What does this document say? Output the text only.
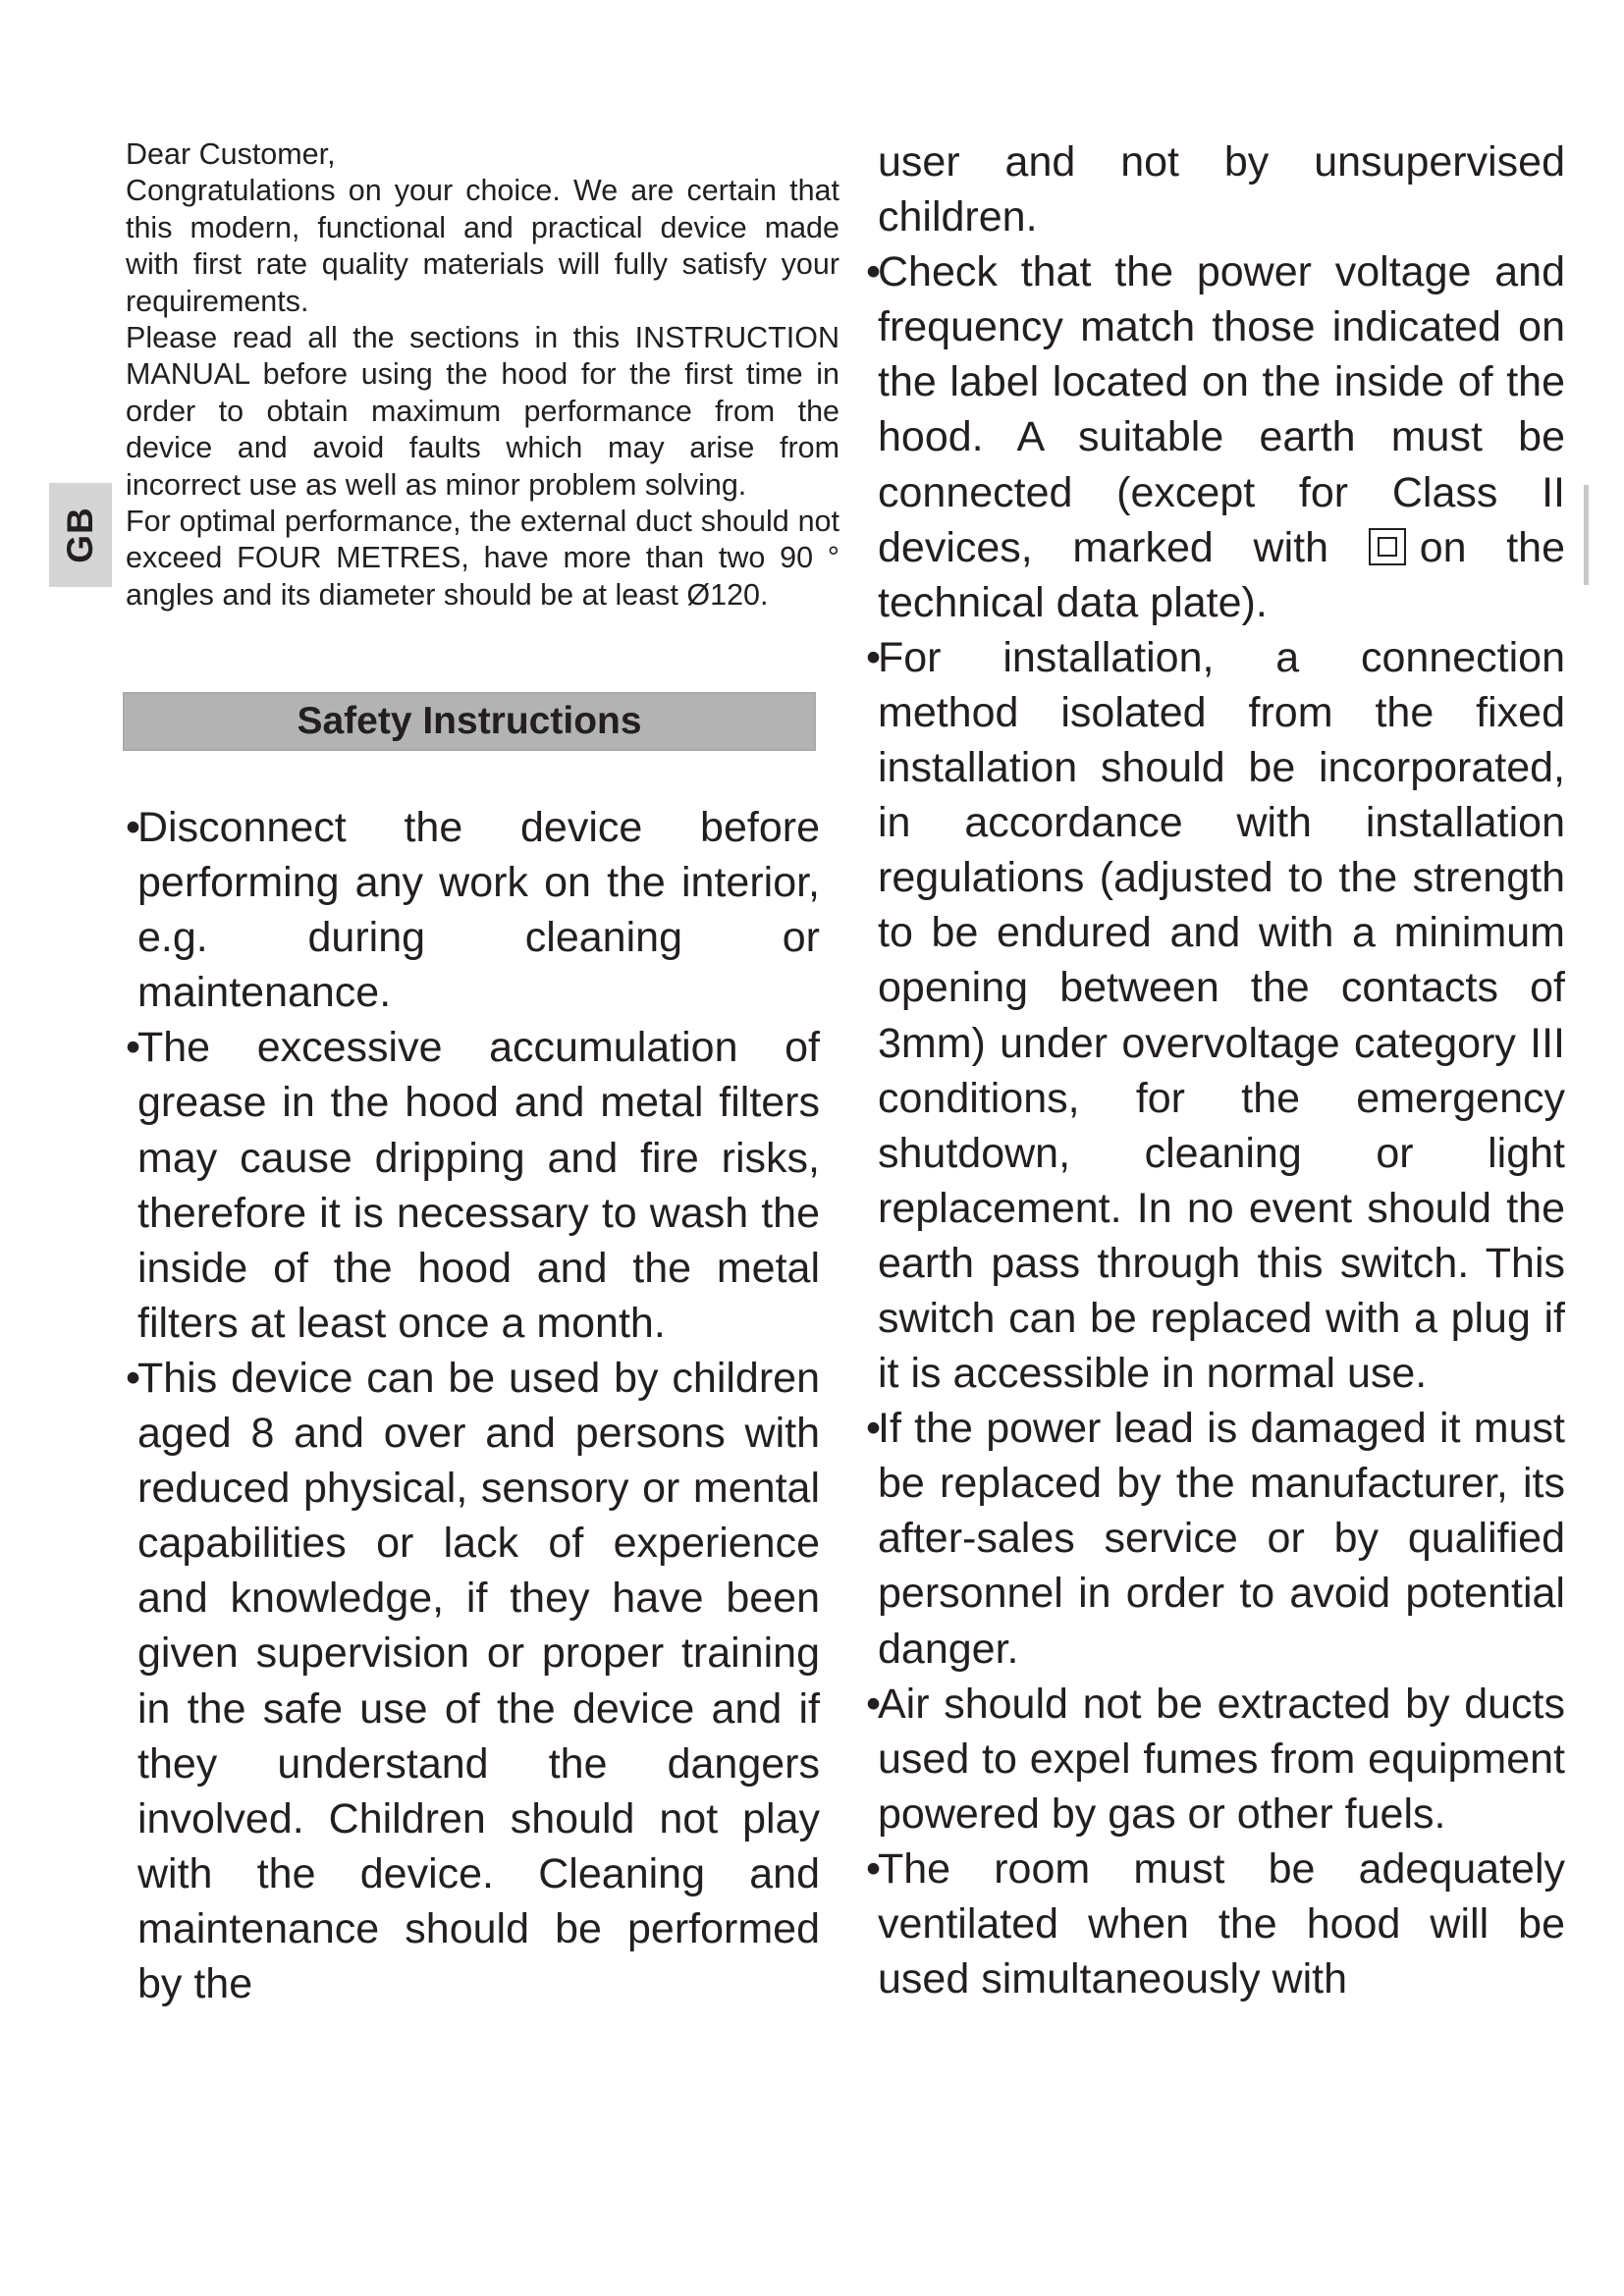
GB

Dear Customer,

Congratulations on your choice. We are certain that this modern, functional and practical device made with first rate quality materials will fully satisfy your requirements.

Please read all the sections in this INSTRUCTION MANUAL before using the hood for the first time in order to obtain maximum performance from the device and avoid faults which may arise from incorrect use as well as minor problem solving.

For optimal performance, the external duct should not exceed FOUR METRES, have more than two 90 ° angles and its diameter should be at least Ø120.

Safety Instructions
•
Disconnect the device before performing any work on the interior, e.g. during cleaning or maintenance.
•
The excessive accumulation of grease in the hood and metal filters may cause dripping and fire risks, therefore it is necessary to wash the inside of the hood and the metal filters at least once a month.
•
This device can be used by children aged 8 and over and persons with reduced physical, sensory or mental capabilities or lack of experience and knowledge, if they have been given supervision or proper training in the safe use of the device and if they understand the dangers involved. Children should not play with the device. Cleaning and maintenance should be performed by the
user and not by unsupervised children.
•
Check that the power voltage and frequency match those indicated on the label located on the inside of the hood. A suitable earth must be connected (except for Class II devices, marked with on the technical data plate).
•
For installation, a connection method isolated from the fixed installation should be incorporated, in accordance with installation regulations (adjusted to the strength to be endured and with a minimum opening between the contacts of 3mm) under overvoltage category III conditions, for the emergency shutdown, cleaning or light replacement. In no event should the earth pass through this switch. This switch can be replaced with a plug if it is accessible in normal use.
•
If the power lead is damaged it must be replaced by the manufacturer, its after-sales service or by qualified personnel in order to avoid potential danger.
•
Air should not be extracted by ducts used to expel fumes from equipment powered by gas or other fuels.
•
The room must be adequately ventilated when the hood will be used simultaneously with
